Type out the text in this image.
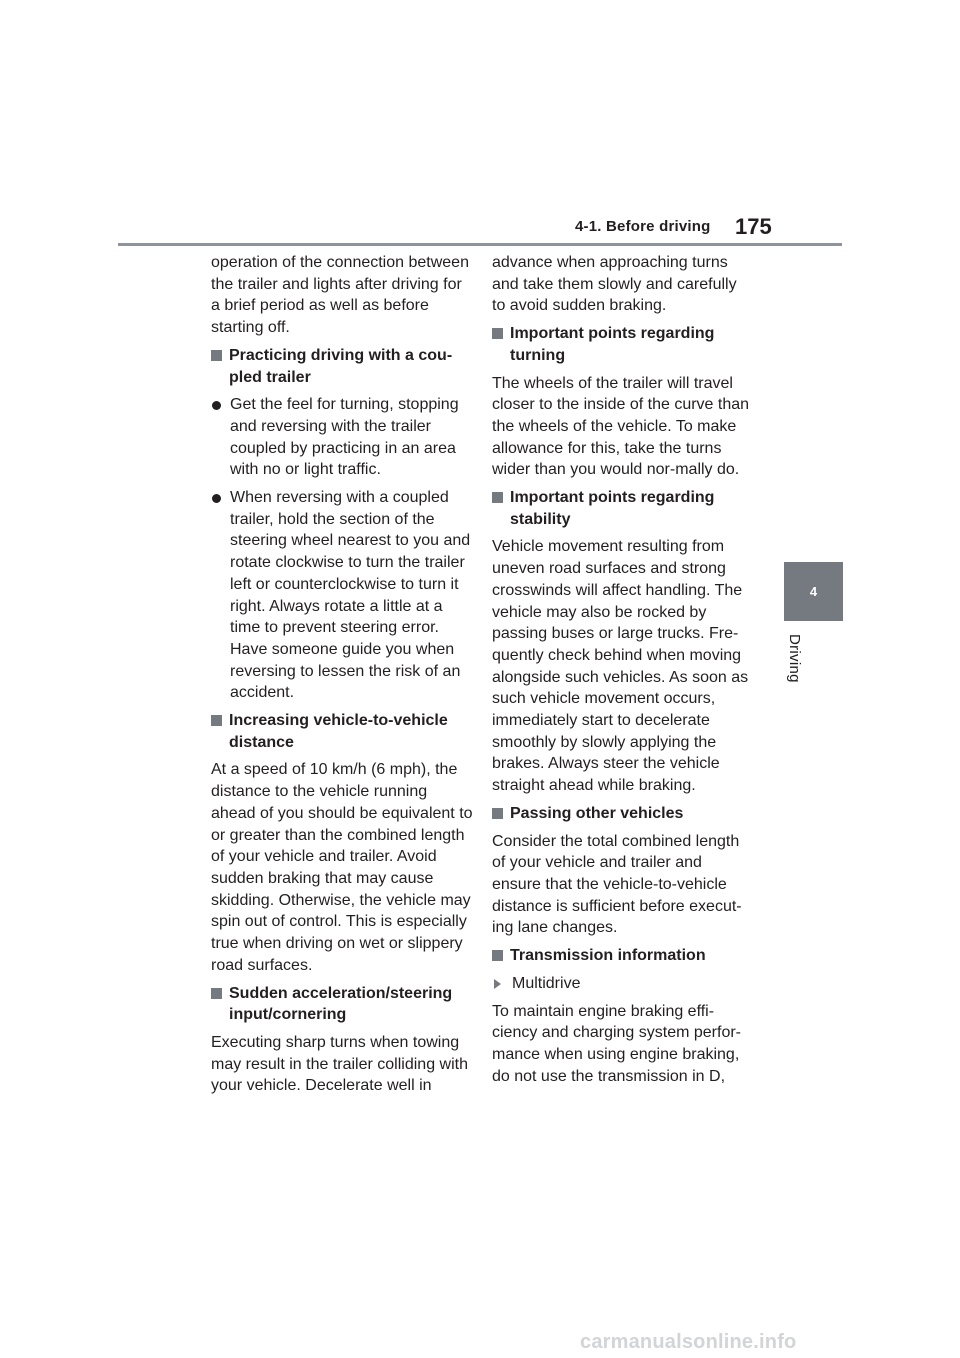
4-1. Before driving 175
4
Driving

operation of the connection between the trailer and lights after driving for a brief period as well as before starting off.

Practicing driving with a cou-pled trailer
Get the feel for turning, stopping and reversing with the trailer coupled by practicing in an area with no or light traffic.
When reversing with a coupled trailer, hold the section of the steering wheel nearest to you and rotate clockwise to turn the trailer left or counterclockwise to turn it right. Always rotate a little at a time to prevent steering error. Have someone guide you when reversing to lessen the risk of an accident.
Increasing vehicle-to-vehicle distance

At a speed of 10 km/h (6 mph), the distance to the vehicle running ahead of you should be equivalent to or greater than the combined length of your vehicle and trailer. Avoid sudden braking that may cause skidding. Otherwise, the vehicle may spin out of control. This is especially true when driving on wet or slippery road surfaces.

Sudden acceleration/steering input/cornering

Executing sharp turns when towing may result in the trailer colliding with your vehicle. Decelerate well in

advance when approaching turns and take them slowly and carefully to avoid sudden braking.

Important points regarding turning

The wheels of the trailer will travel closer to the inside of the curve than the wheels of the vehicle. To make allowance for this, take the turns wider than you would nor-mally do.

Important points regarding stability

Vehicle movement resulting from uneven road surfaces and strong crosswinds will affect handling. The vehicle may also be rocked by passing buses or large trucks. Fre-quently check behind when moving alongside such vehicles. As soon as such vehicle movement occurs, immediately start to decelerate smoothly by slowly applying the brakes. Always steer the vehicle straight ahead while braking.

Passing other vehicles

Consider the total combined length of your vehicle and trailer and ensure that the vehicle-to-vehicle distance is sufficient before execut-ing lane changes.

Transmission information
Multidrive

To maintain engine braking effi-ciency and charging system perfor-mance when using engine braking, do not use the transmission in D,

carmanualsonline.info
